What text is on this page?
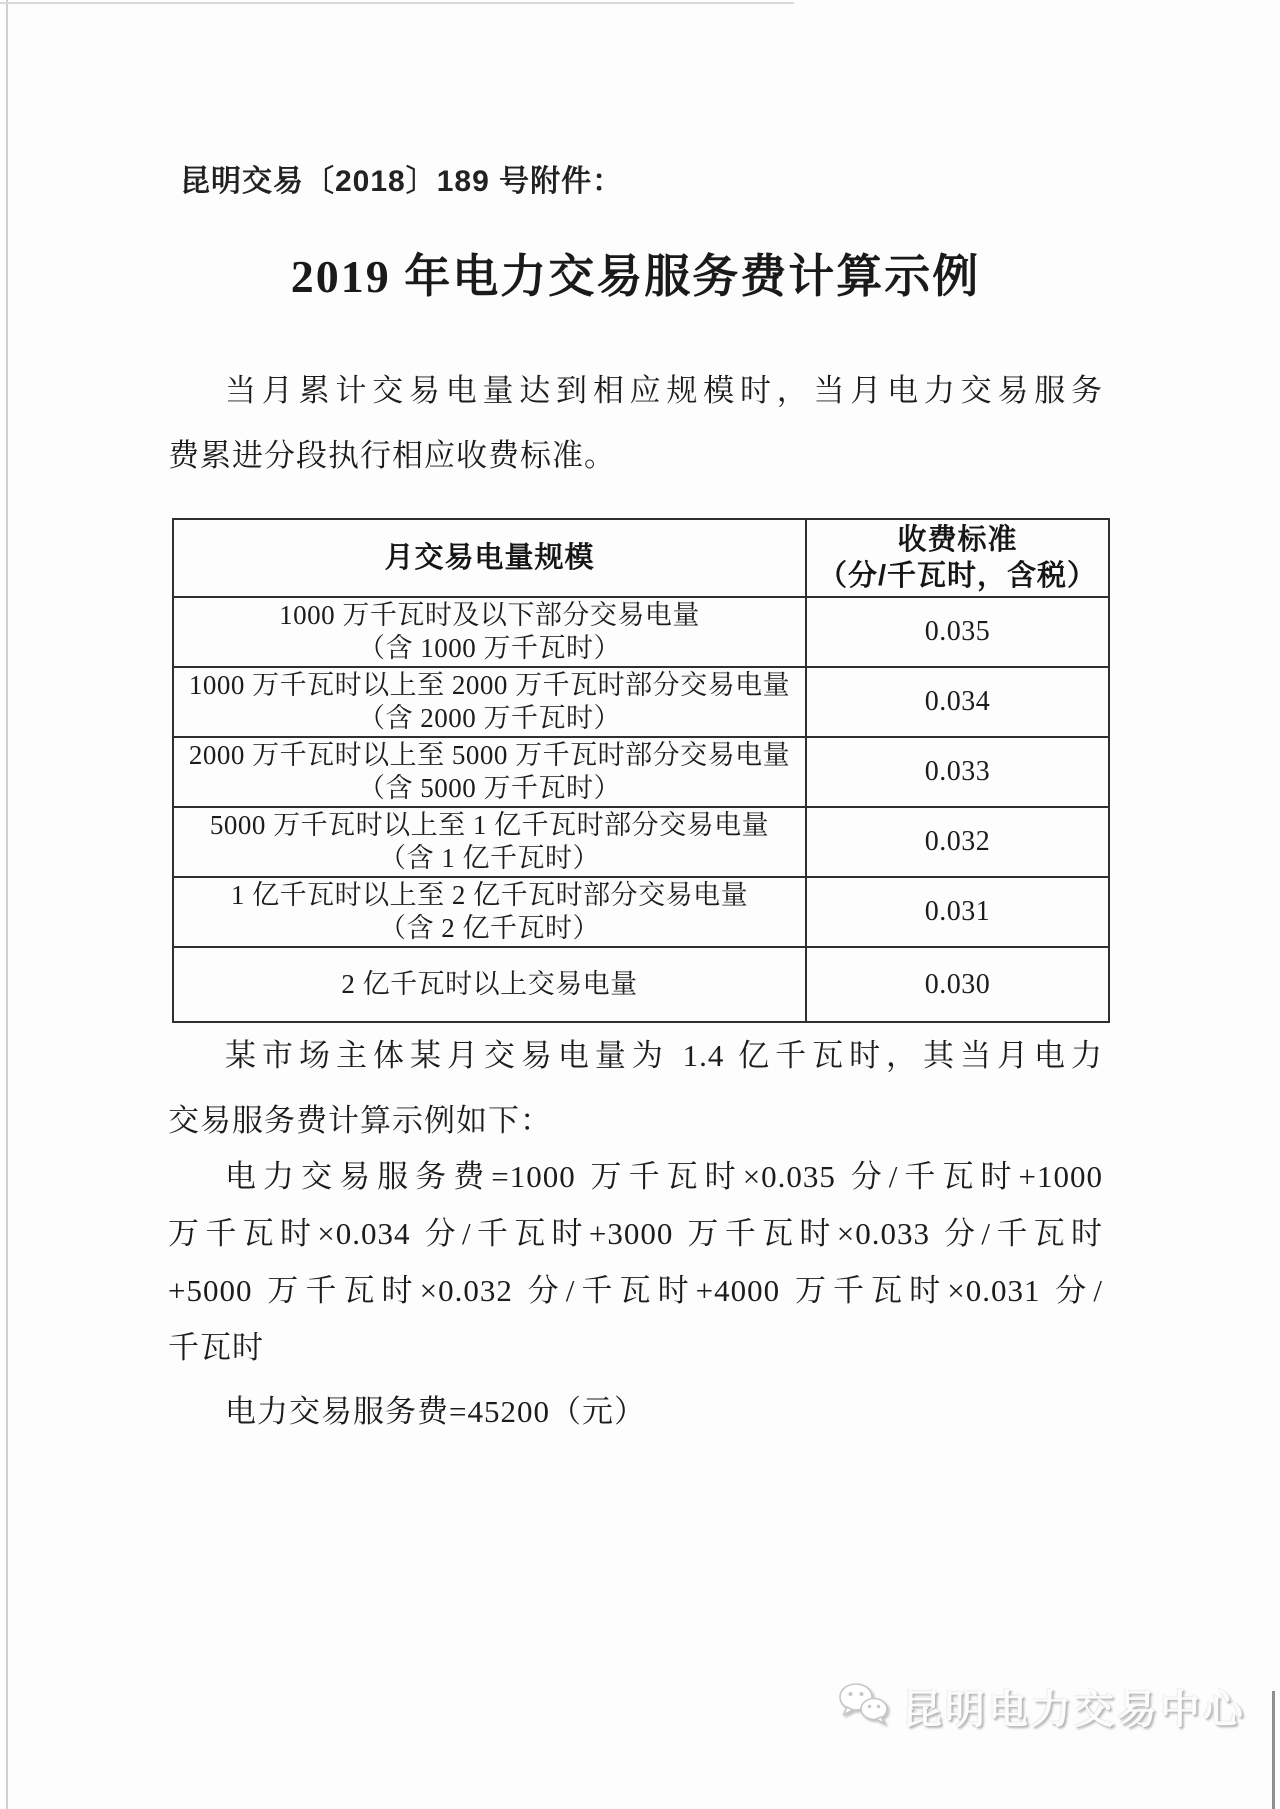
昆明交易〔2018〕189 号附件：
2019 年电力交易服务费计算示例
当月累计交易电量达到相应规模时，当月电力交易服务
费累进分段执行相应收费标准。
月交易电量规模	收费标准
（分/千瓦时，含税）

1000 万千瓦时及以下部分交易电量
（含 1000 万千瓦时）	0.035

1000 万千瓦时以上至 2000 万千瓦时部分交易电量
（含 2000 万千瓦时）	0.034

2000 万千瓦时以上至 5000 万千瓦时部分交易电量
（含 5000 万千瓦时）	0.033

5000 万千瓦时以上至 1 亿千瓦时部分交易电量
（含 1 亿千瓦时）	0.032

1 亿千瓦时以上至 2 亿千瓦时部分交易电量
（含 2 亿千瓦时）	0.031
2 亿千瓦时以上交易电量	0.030
某市场主体某月交易电量为 1.4 亿千瓦时，其当月电力
交易服务费计算示例如下：
电力交易服务费=1000 万千瓦时×0.035 分/千瓦时+1000
万千瓦时×0.034 分/千瓦时+3000 万千瓦时×0.033 分/千瓦时
+5000 万千瓦时×0.032 分/千瓦时+4000 万千瓦时×0.031 分/
千瓦时
电力交易服务费=45200（元）
昆明电力交易中心
